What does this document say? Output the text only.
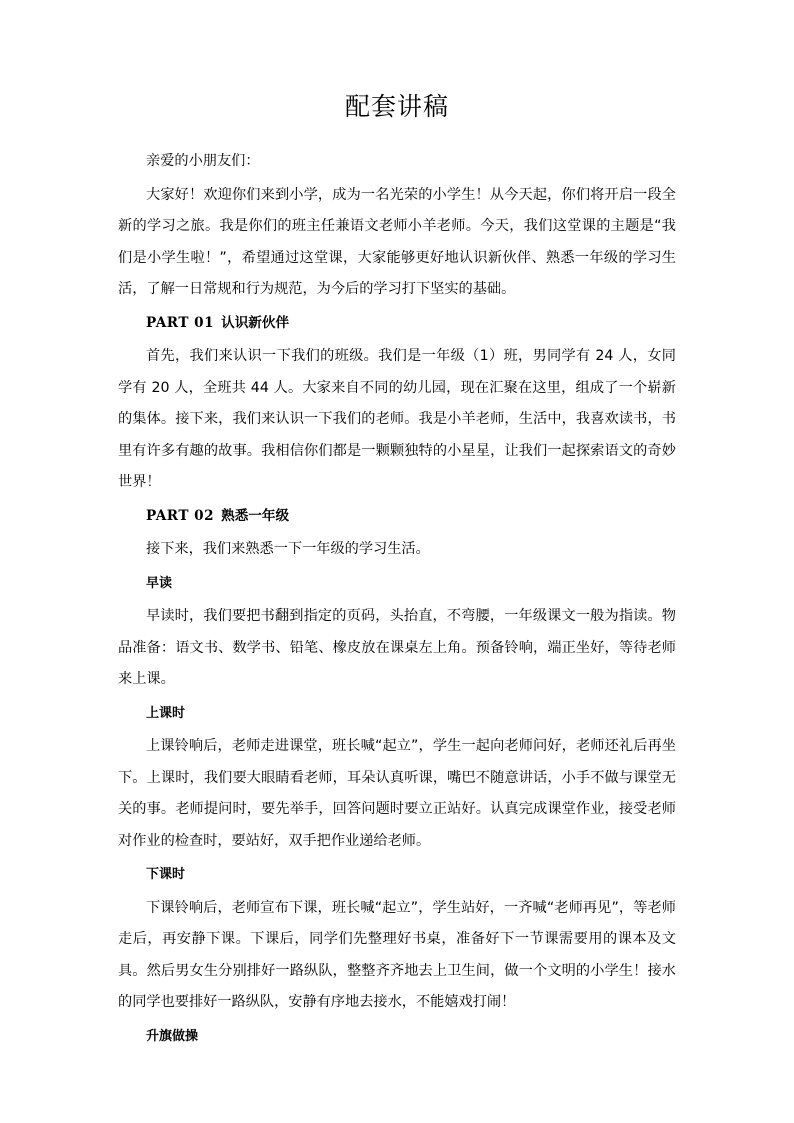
配套讲稿

亲爱的小朋友们：

大家好！欢迎你们来到小学，成为一名光荣的小学生！从今天起，你们将开启一段全新的学习之旅。我是你们的班主任兼语文老师小羊老师。今天，我们这堂课的主题是“我们是小学生啦！”，希望通过这堂课，大家能够更好地认识新伙伴、熟悉一年级的学习生活，了解一日常规和行为规范，为今后的学习打下坚实的基础。

PART 01 认识新伙伴

首先，我们来认识一下我们的班级。我们是一年级（1）班，男同学有 24 人，女同学有 20 人，全班共 44 人。大家来自不同的幼儿园，现在汇聚在这里，组成了一个崭新的集体。接下来，我们来认识一下我们的老师。我是小羊老师，生活中，我喜欢读书，书里有许多有趣的故事。我相信你们都是一颗颗独特的小星星，让我们一起探索语文的奇妙世界！

PART 02 熟悉一年级

接下来，我们来熟悉一下一年级的学习生活。

早读

早读时，我们要把书翻到指定的页码，头抬直，不弯腰，一年级课文一般为指读。物品准备：语文书、数学书、铅笔、橡皮放在课桌左上角。预备铃响，端正坐好，等待老师来上课。

上课时

上课铃响后，老师走进课堂，班长喊“起立”，学生一起向老师问好，老师还礼后再坐下。上课时，我们要大眼睛看老师，耳朵认真听课，嘴巴不随意讲话，小手不做与课堂无关的事。老师提问时，要先举手，回答问题时要立正站好。认真完成课堂作业，接受老师对作业的检查时，要站好，双手把作业递给老师。

下课时

下课铃响后，老师宣布下课，班长喊“起立”，学生站好，一齐喊“老师再见”，等老师走后，再安静下课。下课后，同学们先整理好书桌，准备好下一节课需要用的课本及文具。然后男女生分别排好一路纵队，整整齐齐地去上卫生间，做一个文明的小学生！接水的同学也要排好一路纵队，安静有序地去接水，不能嬉戏打闹！

升旗做操
